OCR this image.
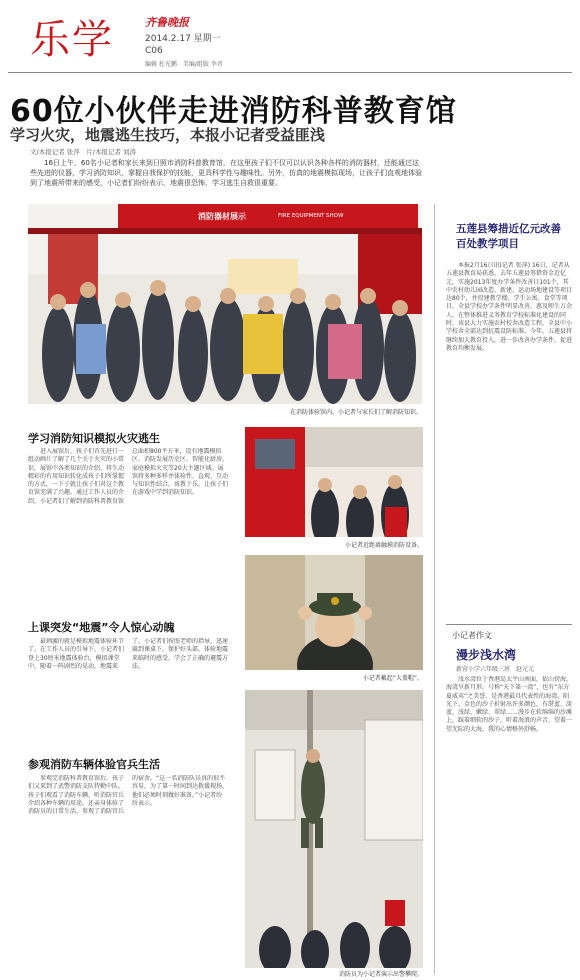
乐学	齐鲁晚报
2014.2.17 星期一
C06
编辑 杜光鹏　美编/组版 李晋
60位小伙伴走进消防科普教育馆
学习火灾，地震逃生技巧，本报小记者受益匪浅
文/本报记者 张萍　片/本报记者 刘涛
16日上午，60名小记者和家长来到日照市消防科普教育馆，在这里孩子们不仅可以认识各种各样的消防器材，还能通过这些先进的仪器，学习消防知识，掌握自我保护的技能，更具科学性与趣味性。另外，仿真的地震模拟现场，让孩子们直观地体验到了地震所带来的感受，小记者们纷纷表示，地震很恐怖，学习逃生自救很重要。
消防器材展示	FIRE EQUIPMENT SHOW
在消防体验馆内，小记者与家长们了解消防知识。
学习消防知识模拟火灾逃生
进入展馆后，孩子们首先进行一组动画片了解了几个关于火灾的小常识。展馆中各类知识的介绍，将生动精彩的有用知识转化成孩子们所掌握的方式，一下子就让孩子们对这个教育馆充满了兴趣。通过工作人员的介绍，小记者们了解到消防科普教育馆总面积800平方米，设有地震模拟区、消防发展历史区、智能化厨房、家庭模拟火灾等20大主题区域。展馆将多种多样并体验性、直观、互动与知识性结合，寓教于乐，让孩子们在游戏中学到消防知识。
上课突发“地震”令人惊心动魄
最刺激的就是模拟地震体验环节了。在工作人员的引导下，小记者们登上30厘米地震体验台，模拟课堂中，随着一阵剧烈的晃动，地震来了，小记者们按照老师的指导，迅速躲到课桌下，保护好头部，体验地震来临时的感受，学会了正确的避震方法。
参观消防车辆体验官兵生活
参观完消防科普教育馆后，孩子们又来到了武警消防支队特勤中队。孩子们观看了消防车辆，听消防官兵介绍各种车辆的用途，还亲身体验了消防员的日常生活，参观了消防官兵的宿舍。“这一名消防队员真的很不容易，为了第一时间到达救援现场，他们必须时刻做好准备。”小记者纷纷表示。
小记者近距离触摸消防设备。
小记者戴起“大盖帽”。
消防员为小记者演示出警攀爬。
五莲县筹措近亿元改善百处教学项目
本报2月16日讯(记者 张萍) 16日，记者从五莲县教育局获悉，去年五莲县筹措资金近亿元，实施2013年度办学条件改善目101个，其中农村幼儿园改造、新建、运动场地建设等项目达80个，并投建教学楼、学生公寓、食堂等项目，全县学校办学条件明显改善，惠及师生万余人。在整体推进义务教育学校标准化建设的同时，该县大力实施农村校舍改造工程，全县中小学校舍全部达到抗震设防标准。今年，五莲县将继续加大教育投入，进一步改善办学条件，促进教育均衡发展。
小记者作文
漫步浅水湾
新营小学六年级三班　赵元元
浅水湾位于香港岛太平山南面，依山傍海，海湾呈新月形，号称“天下第一湾”，也有“东方夏威夷”之美誉，是香港最具代表性的海湾。阳光下，金色的沙子折射出许多颜色，有湛蓝、淡蓝、浅绿、嫩绿、翠绿……漫步在软绵绵的沙滩上，踩着细软的沙子，听着海浪的声音，望着一望无际的大海，我的心情格外舒畅。
